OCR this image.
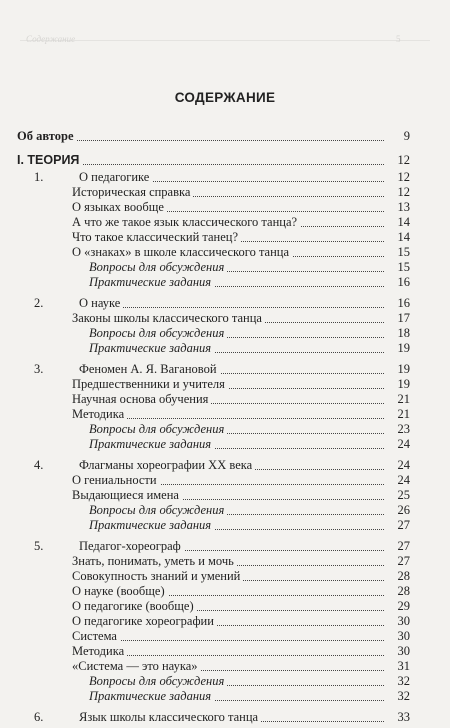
Содержание	5
СОДЕРЖАНИЕ
Об авторе	9
I. ТЕОРИЯ	12
1.	О педагогике	12
Историческая справка	12
О языках вообще	13
А что же такое язык классического танца?	14
Что такое классический танец?	14
О «знаках» в школе классического танца	15
Вопросы для обсуждения	15
Практические задания	16
2.	О науке	16
Законы школы классического танца	17
Вопросы для обсуждения	18
Практические задания	19
3.	Феномен А. Я. Вагановой	19
Предшественники и учителя	19
Научная основа обучения	21
Методика	21
Вопросы для обсуждения	23
Практические задания	24
4.	Флагманы хореографии XX века	24
О гениальности	24
Выдающиеся имена	25
Вопросы для обсуждения	26
Практические задания	27
5.	Педагог-хореограф	27
Знать, понимать, уметь и мочь	27
Совокупность знаний и умений	28
О науке (вообще)	28
О педагогике (вообще)	29
О педагогике хореографии	30
Система	30
Методика	30
«Система — это наука»	31
Вопросы для обсуждения	32
Практические задания	32
6.	Язык школы классического танца	33
